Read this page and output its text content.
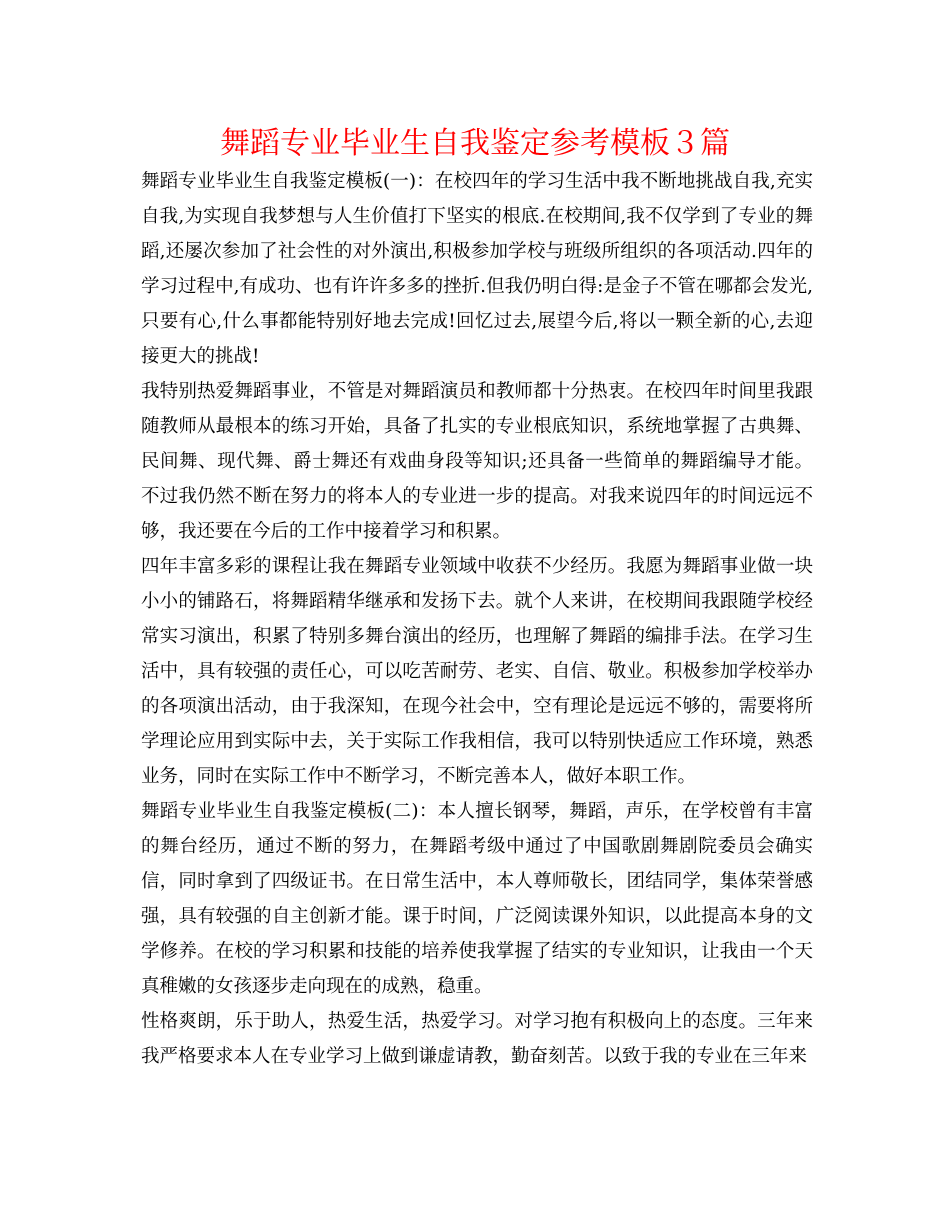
舞蹈专业毕业生自我鉴定参考模板３篇

舞蹈专业毕业生自我鉴定模板(一)：在校四年的学习生活中我不断地挑战自我,充实自我,为实现自我梦想与人生价值打下坚实的根底.在校期间,我不仅学到了专业的舞蹈,还屡次参加了社会性的对外演出,积极参加学校与班级所组织的各项活动.四年的学习过程中,有成功、也有许许多多的挫折.但我仍明白得:是金子不管在哪都会发光,只要有心,什么事都能特别好地去完成!回忆过去,展望今后,将以一颗全新的心,去迎接更大的挑战!

我特别热爱舞蹈事业，不管是对舞蹈演员和教师都十分热衷。在校四年时间里我跟随教师从最根本的练习开始，具备了扎实的专业根底知识，系统地掌握了古典舞、民间舞、现代舞、爵士舞还有戏曲身段等知识;还具备一些简单的舞蹈编导才能。不过我仍然不断在努力的将本人的专业进一步的提高。对我来说四年的时间远远不够，我还要在今后的工作中接着学习和积累。

四年丰富多彩的课程让我在舞蹈专业领域中收获不少经历。我愿为舞蹈事业做一块小小的铺路石，将舞蹈精华继承和发扬下去。就个人来讲，在校期间我跟随学校经常实习演出，积累了特别多舞台演出的经历，也理解了舞蹈的编排手法。在学习生活中，具有较强的责任心，可以吃苦耐劳、老实、自信、敬业。积极参加学校举办的各项演出活动，由于我深知，在现今社会中，空有理论是远远不够的，需要将所学理论应用到实际中去，关于实际工作我相信，我可以特别快适应工作环境，熟悉业务，同时在实际工作中不断学习，不断完善本人，做好本职工作。

舞蹈专业毕业生自我鉴定模板(二)：本人擅长钢琴，舞蹈，声乐，在学校曾有丰富的舞台经历，通过不断的努力，在舞蹈考级中通过了中国歌剧舞剧院委员会确实信，同时拿到了四级证书。在日常生活中，本人尊师敬长，团结同学，集体荣誉感强，具有较强的自主创新才能。课于时间，广泛阅读课外知识，以此提高本身的文学修养。在校的学习积累和技能的培养使我掌握了结实的专业知识，让我由一个天真稚嫩的女孩逐步走向现在的成熟，稳重。

性格爽朗，乐于助人，热爱生活，热爱学习。对学习抱有积极向上的态度。三年来我严格要求本人在专业学习上做到谦虚请教，勤奋刻苦。以致于我的专业在三年来
